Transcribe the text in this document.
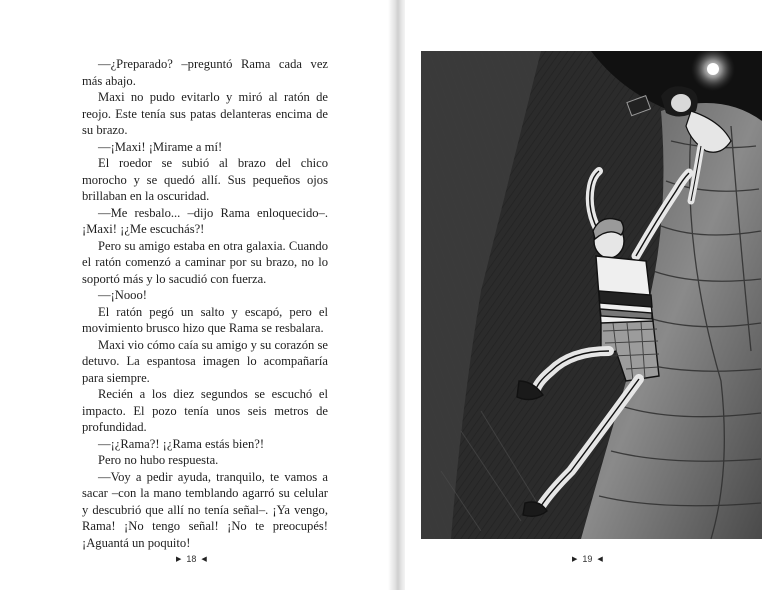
—¿Preparado? –preguntó Rama cada vez más abajo.

Maxi no pudo evitarlo y miró al ratón de reojo. Este tenía sus patas delanteras encima de su brazo.

—¡Maxi! ¡Mirame a mí!

El roedor se subió al brazo del chico morocho y se quedó allí. Sus pequeños ojos brillaban en la oscuridad.

—Me resbalo... –dijo Rama enloquecido–. ¡Maxi! ¡¿Me escuchás?!

Pero su amigo estaba en otra galaxia. Cuando el ratón comenzó a caminar por su brazo, no lo soportó más y lo sacudió con fuerza.

—¡Nooo!

El ratón pegó un salto y escapó, pero el movimiento brusco hizo que Rama se resbalara.

Maxi vio cómo caía su amigo y su corazón se detuvo. La espantosa imagen lo acompañaría para siempre.

Recién a los diez segundos se escuchó el impacto. El pozo tenía unos seis metros de profundidad.

—¡¿Rama?! ¡¿Rama estás bien?!

Pero no hubo respuesta.

—Voy a pedir ayuda, tranquilo, te vamos a sacar –con la mano temblando agarró su celular y descubrió que allí no tenía señal–. ¡Ya vengo, Rama! ¡No tengo señal! ¡No te preocupés! ¡Aguantá un poquito!

▶ 18 ◀	▶ 19 ◀
